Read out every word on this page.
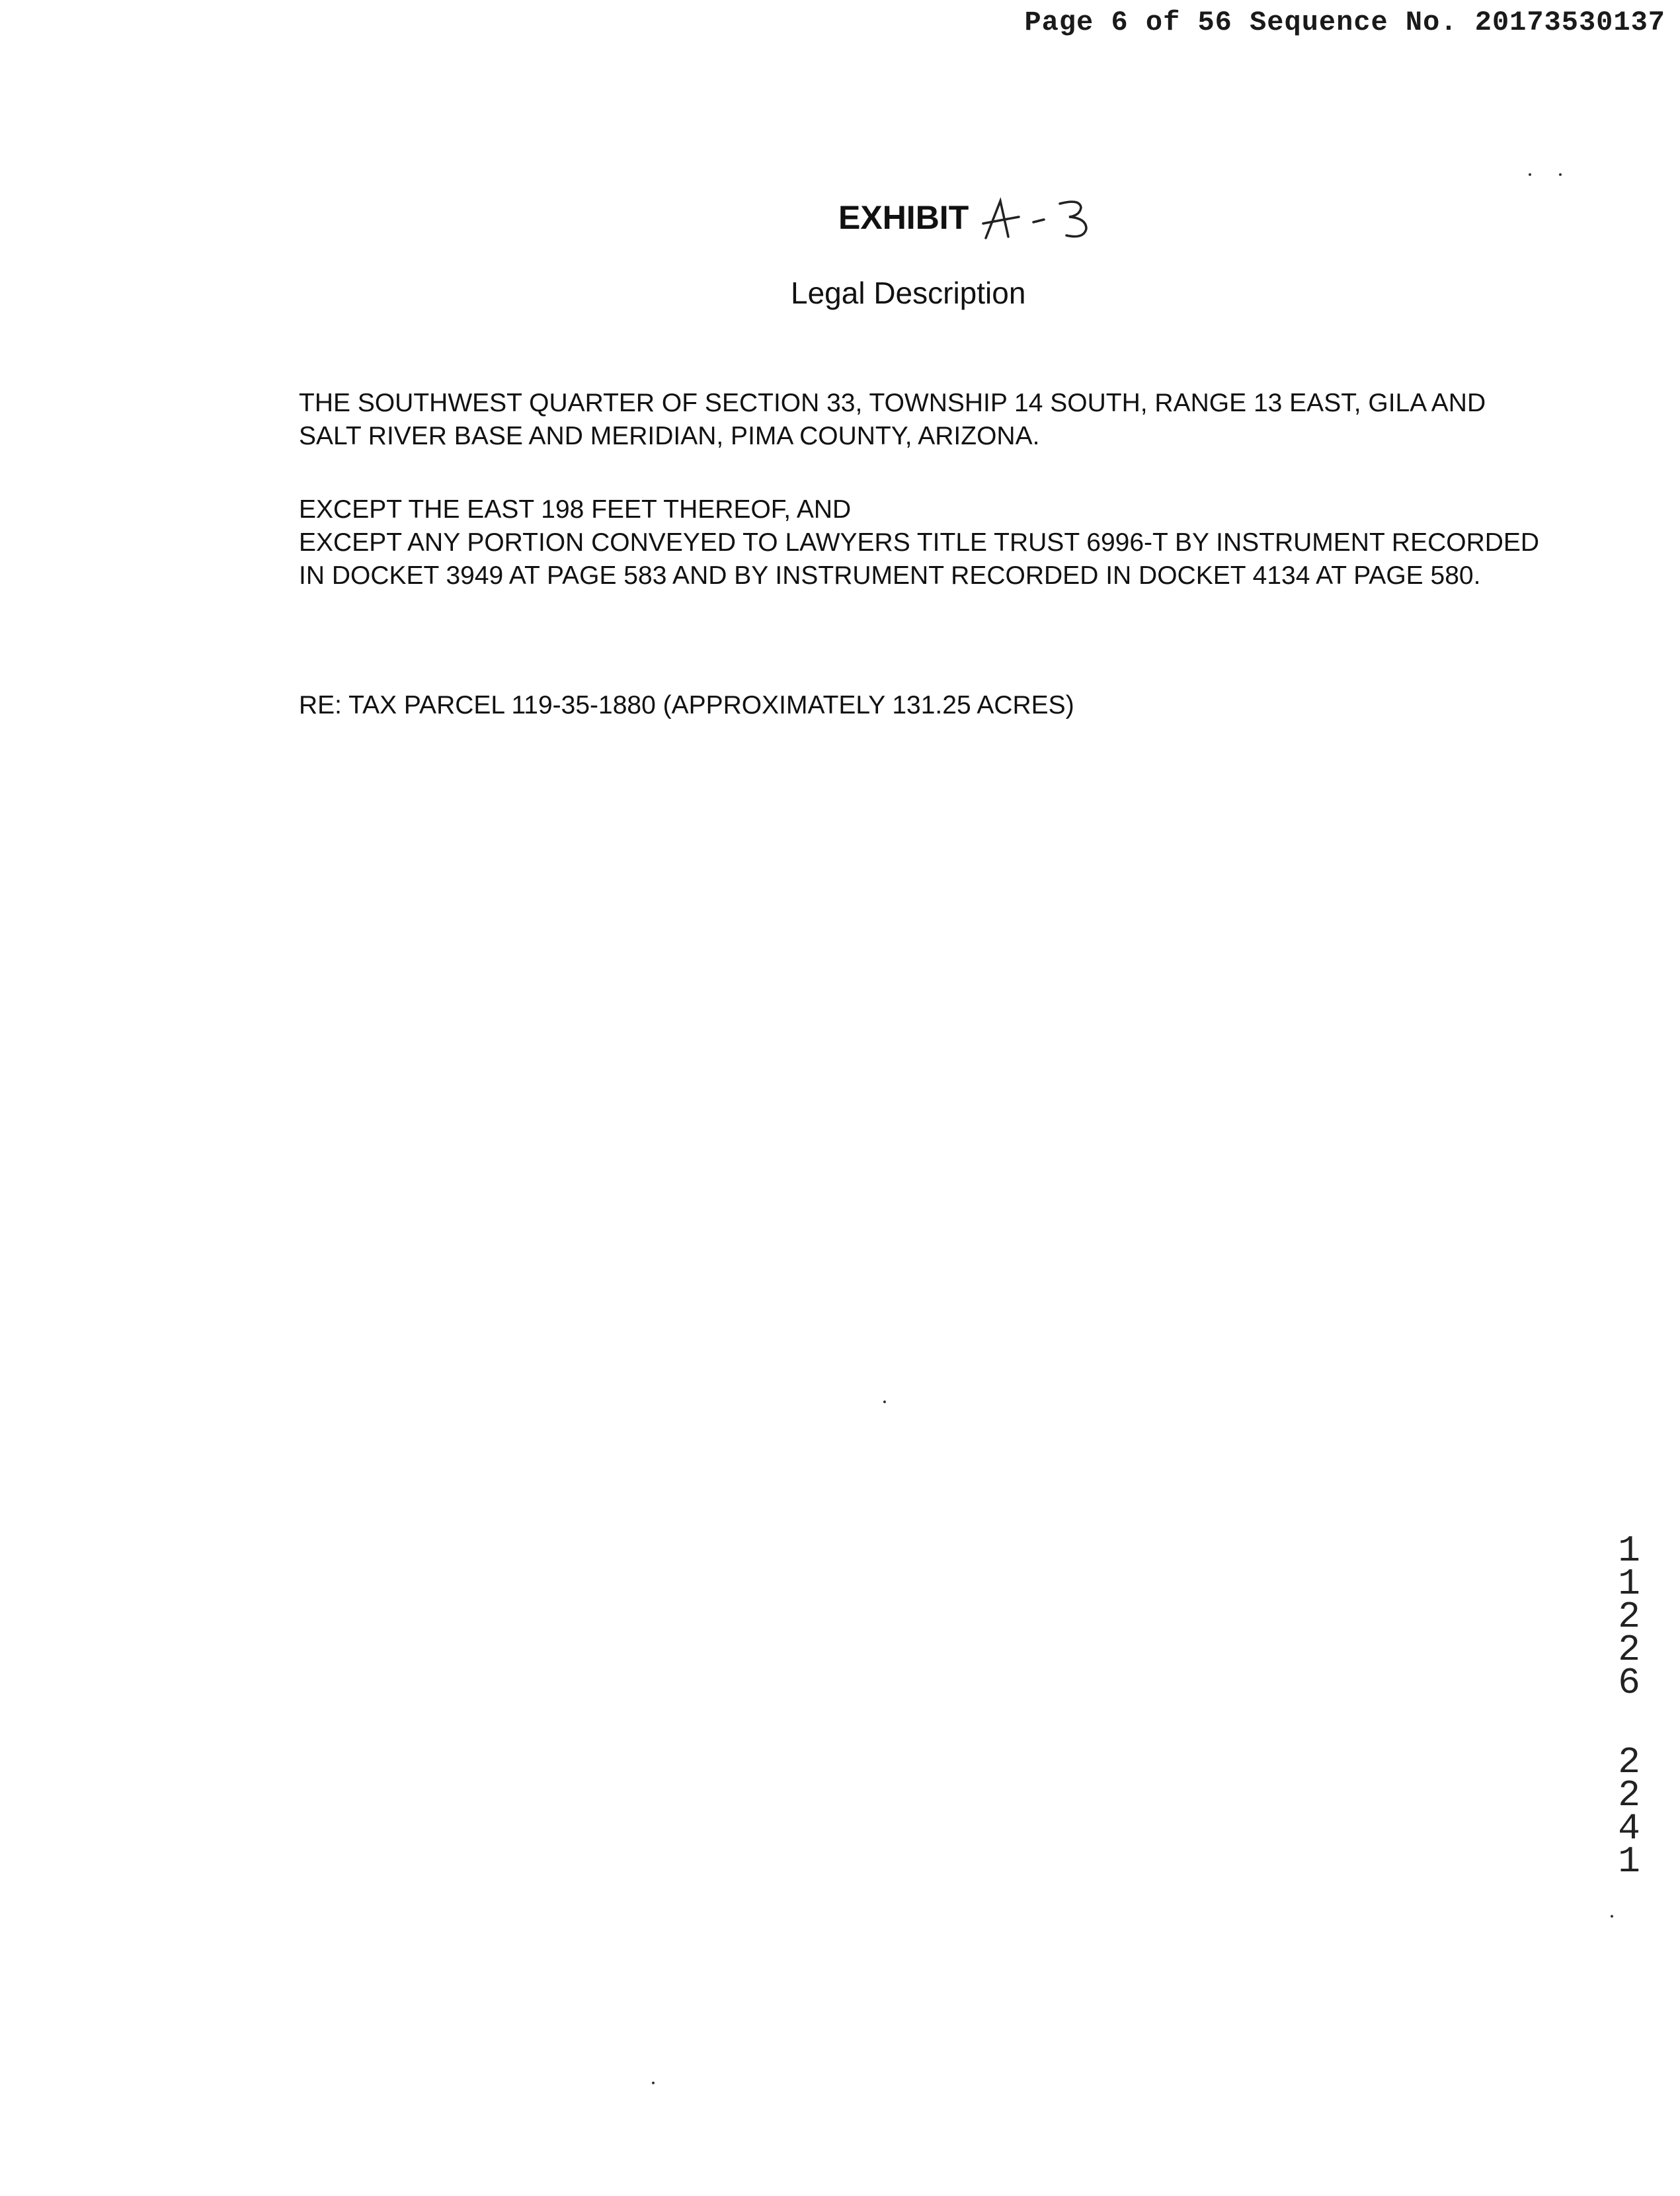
Page 6 of 56 Sequence No. 20173530137
EXHIBIT
Legal Description
THE SOUTHWEST QUARTER OF SECTION 33, TOWNSHIP 14 SOUTH, RANGE 13 EAST, GILA AND
SALT RIVER BASE AND MERIDIAN, PIMA COUNTY, ARIZONA.
EXCEPT THE EAST 198 FEET THEREOF, AND
EXCEPT ANY PORTION CONVEYED TO LAWYERS TITLE TRUST 6996-T BY INSTRUMENT RECORDED
IN DOCKET 3949 AT PAGE 583 AND BY INSTRUMENT RECORDED IN DOCKET 4134 AT PAGE 580.
RE: TAX PARCEL 119-35-1880 (APPROXIMATELY 131.25 ACRES)
1
1
2
2
6
2
2
4
1
